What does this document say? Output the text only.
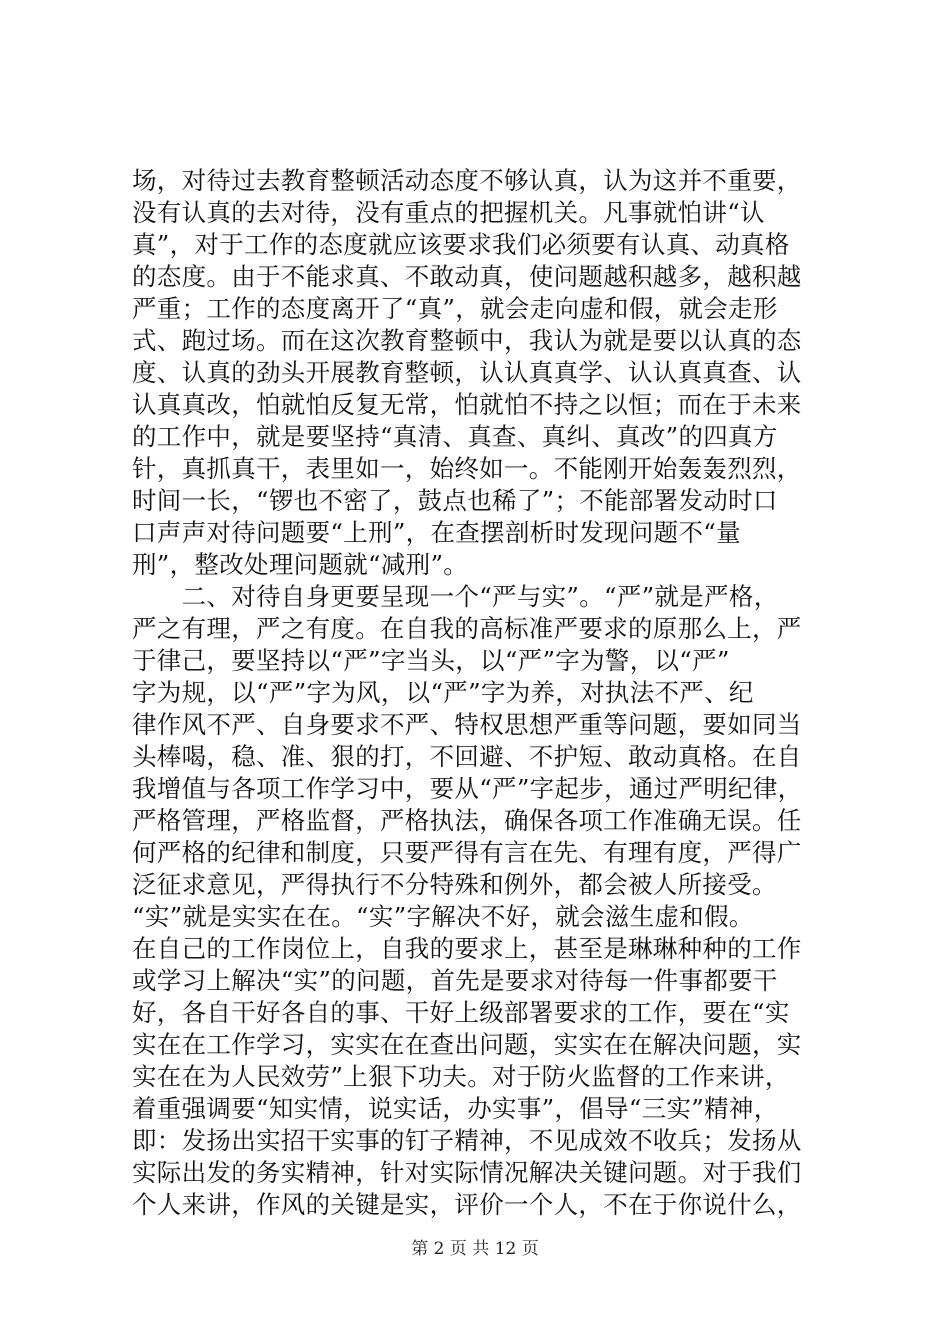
场，对待过去教育整顿活动态度不够认真，认为这并不重要，
没有认真的去对待，没有重点的把握机关。凡事就怕讲“认
真”，对于工作的态度就应该要求我们必须要有认真、动真格
的态度。由于不能求真、不敢动真，使问题越积越多，越积越
严重；工作的态度离开了“真”，就会走向虚和假，就会走形
式、跑过场。而在这次教育整顿中，我认为就是要以认真的态
度、认真的劲头开展教育整顿，认认真真学、认认真真查、认
认真真改，怕就怕反复无常，怕就怕不持之以恒；而在于未来
的工作中，就是要坚持“真清、真查、真纠、真改”的四真方
针，真抓真干，表里如一，始终如一。不能刚开始轰轰烈烈，
时间一长，“锣也不密了，鼓点也稀了”；不能部署发动时口
口声声对待问题要“上刑”，在查摆剖析时发现问题不“量
刑”，整改处理问题就“减刑”。
　　二、对待自身更要呈现一个“严与实”。“严”就是严格，
严之有理，严之有度。在自我的高标准严要求的原那么上，严
于律己，要坚持以“严”字当头，以“严”字为警，以“严”
字为规，以“严”字为风，以“严”字为养，对执法不严、纪
律作风不严、自身要求不严、特权思想严重等问题，要如同当
头棒喝，稳、准、狠的打，不回避、不护短、敢动真格。在自
我增值与各项工作学习中，要从“严”字起步，通过严明纪律，
严格管理，严格监督，严格执法，确保各项工作准确无误。任
何严格的纪律和制度，只要严得有言在先、有理有度，严得广
泛征求意见，严得执行不分特殊和例外，都会被人所接受。
“实”就是实实在在。“实”字解决不好，就会滋生虚和假。
在自己的工作岗位上，自我的要求上，甚至是琳琳种种的工作
或学习上解决“实”的问题，首先是要求对待每一件事都要干
好，各自干好各自的事、干好上级部署要求的工作，要在“实
实在在工作学习，实实在在查出问题，实实在在解决问题，实
实在在为人民效劳”上狠下功夫。对于防火监督的工作来讲，
着重强调要“知实情，说实话，办实事”，倡导“三实”精神，
即：发扬出实招干实事的钉子精神，不见成效不收兵；发扬从
实际出发的务实精神，针对实际情况解决关键问题。对于我们
个人来讲，作风的关键是实，评价一个人，不在于你说什么，
第 2 页 共 12 页
